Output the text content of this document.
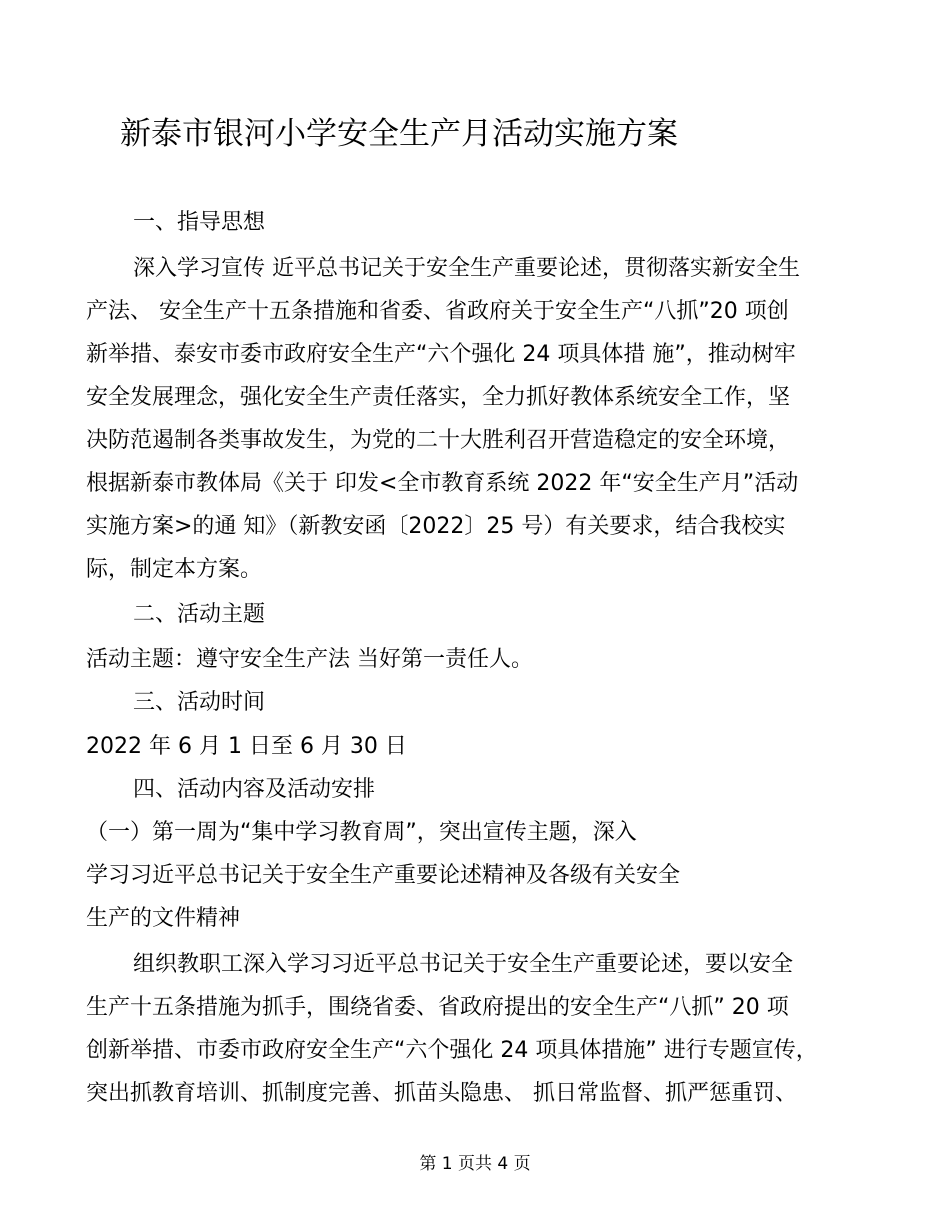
新泰市银河小学安全生产月活动实施方案

一、指导思想

深入学习宣传 近平总书记关于安全生产重要论述，贯彻落实新安全生

产法、 安全生产十五条措施和省委、省政府关于安全生产“八抓”20 项创

新举措、泰安市委市政府安全生产“六个强化 24 项具体措 施”，推动树牢

安全发展理念，强化安全生产责任落实，全力抓好教体系统安全工作，坚

决防范遏制各类事故发生，为党的二十大胜利召开营造稳定的安全环境，

根据新泰市教体局《关于 印发<全市教育系统 2022 年“安全生产月”活动

实施方案>的通 知》（新教安函〔2022〕25 号）有关要求，结合我校实

际，制定本方案。

二、活动主题

活动主题：遵守安全生产法 当好第一责任人。

三、活动时间

2022 年 6 月 1 日至 6 月 30 日

四、活动内容及活动安排

（一）第一周为“集中学习教育周”，突出宣传主题，深入

学习习近平总书记关于安全生产重要论述精神及各级有关安全

生产的文件精神

组织教职工深入学习习近平总书记关于安全生产重要论述，要以安全

生产十五条措施为抓手，围绕省委、省政府提出的安全生产“八抓” 20 项

创新举措、市委市政府安全生产“六个强化 24 项具体措施” 进行专题宣传，

突出抓教育培训、抓制度完善、抓苗头隐患、 抓日常监督、抓严惩重罚、

第 1 页共 4 页
